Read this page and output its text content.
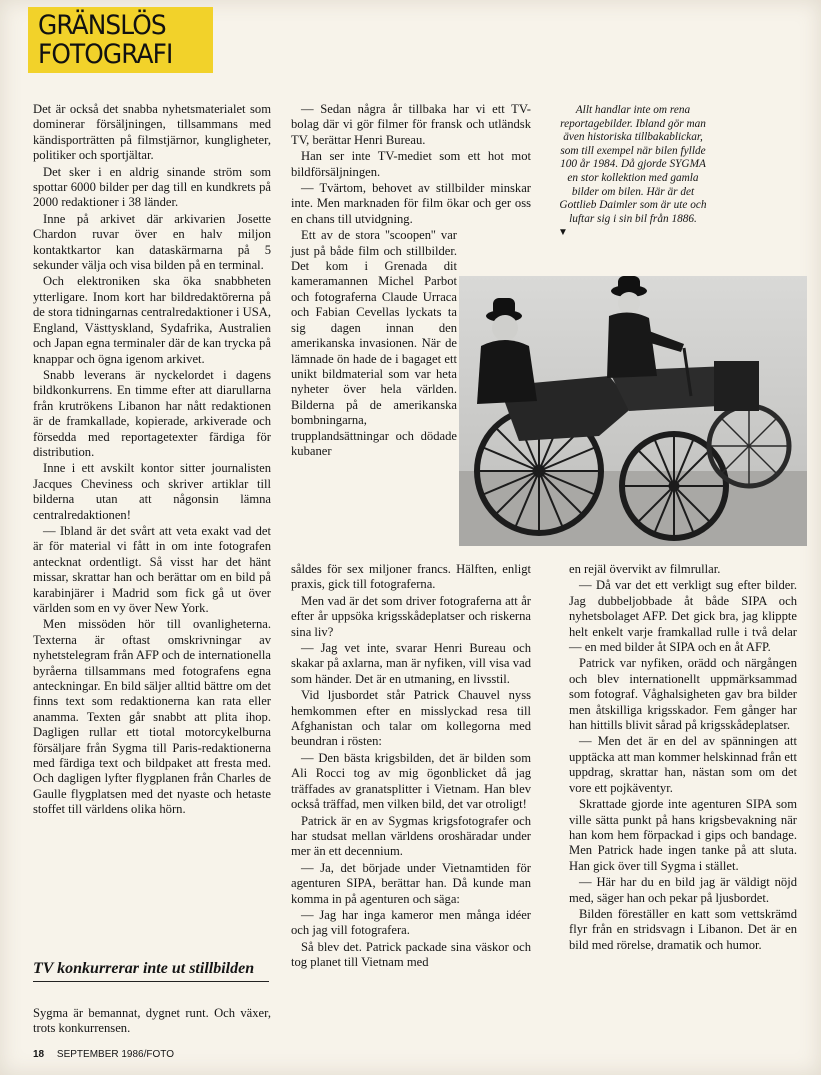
GRÄNSLÖS
FOTOGRAFI

Det är också det snabba nyhetsmaterialet som dominerar försäljningen, tillsammans med kändisporträtten på filmstjärnor, kungligheter, politiker och sportjältar.

Det sker i en aldrig sinande ström som spottar 6000 bilder per dag till en kundkrets på 2000 redaktioner i 38 länder.

Inne på arkivet där arkivarien Josette Chardon ruvar över en halv miljon kontaktkartor kan dataskärmarna på 5 sekunder välja och visa bilden på en terminal.

Och elektroniken ska öka snabbheten ytterligare. Inom kort har bildredaktörerna på de stora tidningarnas centralredaktioner i USA, England, Västtyskland, Sydafrika, Australien och Japan egna terminaler där de kan trycka på knappar och ögna igenom arkivet.

Snabb leverans är nyckelordet i dagens bildkonkurrens. En timme efter att diarullarna från krutrökens Libanon har nått redaktionen är de framkallade, kopierade, arkiverade och försedda med reportagetexter färdiga för distribution.

Inne i ett avskilt kontor sitter journalisten Jacques Cheviness och skriver artiklar till bilderna utan att någonsin lämna centralredaktionen!

— Ibland är det svårt att veta exakt vad det är för material vi fått in om inte fotografen antecknat ordentligt. Så visst har det hänt missar, skrattar han och berättar om en bild på karabinjärer i Madrid som fick gå ut över världen som en vy över New York.

Men missöden hör till ovanligheterna. Texterna är oftast omskrivningar av nyhetstelegram från AFP och de internationella byråerna tillsammans med fotografens egna anteckningar. En bild säljer alltid bättre om det finns text som redaktionerna kan rata eller anamma. Texten går snabbt att plita ihop. Dagligen rullar ett tiotal motorcykelburna försäljare från Sygma till Paris-redaktionerna med färdiga text och bildpaket att fresta med. Och dagligen lyfter flygplanen från Charles de Gaulle flygplatsen med det nyaste och hetaste stoffet till världens olika hörn.

TV konkurrerar inte ut stillbilden

Sygma är bemannat, dygnet runt. Och växer, trots konkurrensen.

— Sedan några år tillbaka har vi ett TV-bolag där vi gör filmer för fransk och utländsk TV, berättar Henri Bureau.

Han ser inte TV-mediet som ett hot mot bildförsäljningen.

— Tvärtom, behovet av stillbilder minskar inte. Men marknaden för film ökar och ger oss en chans till utvidgning.

Ett av de stora ''scoopen'' var just på både film och stillbilder. Det kom i Grenada dit kameramannen Michel Parbot och fotograferna Claude Urraca och Fabian Cevellas lyckats ta sig dagen innan den amerikanska invasionen. När de lämnade ön hade de i bagaget ett unikt bildmaterial som var heta nyheter över hela världen. Bilderna på de amerikanska bombningarna, trupplandsättningar och dödade kubaner

Allt handlar inte om rena reportagebilder. Ibland gör man även historiska tillbakablickar, som till exempel när bilen fyllde 100 år 1984. Då gjorde SYGMA en stor kollektion med gamla bilder om bilen. Här är det Gottlieb Daimler som är ute och luftar sig i sin bil från 1886.
▼

såldes för sex miljoner francs. Hälften, enligt praxis, gick till fotograferna.

Men vad är det som driver fotograferna att år efter år uppsöka krigsskådeplatser och riskerna sina liv?

— Jag vet inte, svarar Henri Bureau och skakar på axlarna, man är nyfiken, vill visa vad som händer. Det är en utmaning, en livsstil.

Vid ljusbordet står Patrick Chauvel nyss hemkommen efter en misslyckad resa till Afghanistan och talar om kollegorna med beundran i rösten:

— Den bästa krigsbilden, det är bilden som Ali Rocci tog av mig ögonblicket då jag träffades av granatsplitter i Vietnam. Han blev också träffad, men vilken bild, det var otroligt!

Patrick är en av Sygmas krigsfotografer och har studsat mellan världens oroshäradar under mer än ett decennium.

— Ja, det började under Vietnamtiden för agenturen SIPA, berättar han. Då kunde man komma in på agenturen och säga:

— Jag har inga kameror men många idéer och jag vill fotografera.

Så blev det. Patrick packade sina väskor och tog planet till Vietnam med

en rejäl övervikt av filmrullar.

— Då var det ett verkligt sug efter bilder. Jag dubbeljobbade åt både SIPA och nyhetsbolaget AFP. Det gick bra, jag klippte helt enkelt varje framkallad rulle i två delar — en med bilder åt SIPA och en åt AFP.

Patrick var nyfiken, orädd och närgången och blev internationellt uppmärksammad som fotograf. Våghalsigheten gav bra bilder men åtskilliga krigsskador. Fem gånger har han hittills blivit sårad på krigsskådeplatser.

— Men det är en del av spänningen att upptäcka att man kommer helskinnad från ett uppdrag, skrattar han, nästan som om det vore ett pojkäventyr.

Skrattade gjorde inte agenturen SIPA som ville sätta punkt på hans krigsbevakning när han kom hem förpackad i gips och bandage. Men Patrick hade ingen tanke på att sluta. Han gick över till Sygma i stället.

— Här har du en bild jag är väldigt nöjd med, säger han och pekar på ljusbordet.

Bilden föreställer en katt som vettskrämd flyr från en stridsvagn i Libanon. Det är en bild med rörelse, dramatik och humor.

18 SEPTEMBER 1986/FOTO
